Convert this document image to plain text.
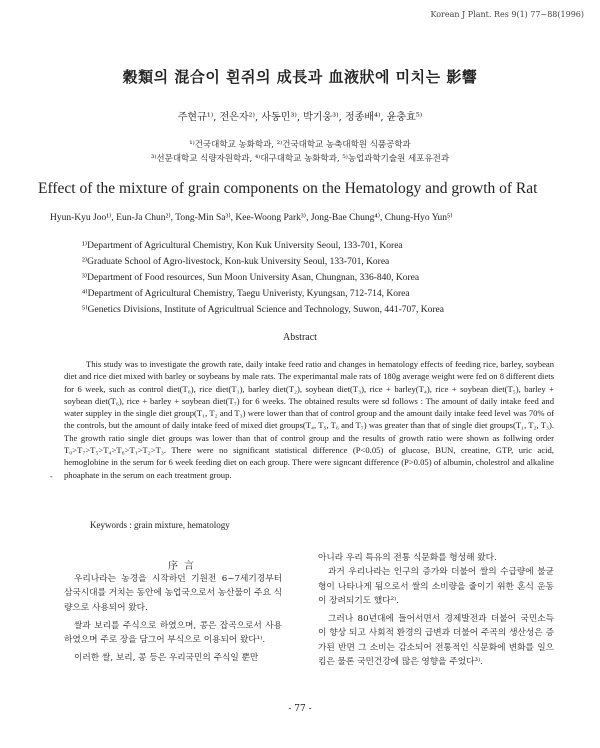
Korean J Plant. Res 9(1) 77~88(1996)
穀類의 混合이 흰쥐의 成長과 血液狀에 미치는 影響
주현규¹⁾, 전은자²⁾, 사동민³⁾, 박기웅³⁾, 정종배⁴⁾, 윤충효⁵⁾
¹⁾건국대학교 농화학과, ²⁾건국대학교 농축대학원 식품공학과
³⁾선문대학교 식량자원학과, ⁴⁾대구대학교 농화학과, ⁵⁾농업과학기술원 세포유전과
Effect of the mixture of grain components on the Hematology and growth of Rat
Hyun-Kyu Joo¹⁾, Eun-Ja Chun²⁾, Tong-Min Sa³⁾, Kee-Woong Park³⁾, Jong-Bae Chung⁴⁾, Chung-Hyo Yun⁵⁾
¹⁾Department of Agricultural Chemistry, Kon Kuk University Seoul, 133-701, Korea
²⁾Graduate School of Agro-livestock, Kon-kuk University Seoul, 133-701, Korea
³⁾Department of Food resources, Sun Moon University Asan, Chungnan, 336-840, Korea
⁴⁾Department of Agricultural Chemistry, Taegu Univeristy, Kyungsan, 712-714, Korea
⁵⁾Genetics Divisions, Institute of Agricultrual Science and Technology, Suwon, 441-707, Korea
Abstract
This study was to investigate the growth rate, daily intake feed ratio and changes in hematology effects of feeding rice, barley, soybean diet and rice diet mixed with barley or soybeans by male rats. The experimantal male rats of 180g average weight were fed on 8 different diets for 6 week, such as control diet(T₀), rice diet(T₁), barley diet(T₂), soybean diet(T₃), rice + barley(T₄), rice + soybean diet(T₅), barley + soybean diet(T₆), rice + barley + soybean diet(T₇) for 6 weeks. The obtained results were sd follows : The amount of daily intake feed and water suppley in the single diet group(T₁, T₂ and T₃) were lower than that of control group and the amount daily intake feed level was 70% of the controls, but the amount of daily intake feed of mixed diet groups(T₄, T₅, T₆ and T₇) was greater than that of single diet groups(T₁, T₂, T₃). The growth ratio single diet groups was lower than that of control group and the results of growth ratio were shown as follwing order T₀>T₇>T₅>T₄>T₆>T₁>T₂>T₃. There were no significant statistical difference (P<0.05) of glucose, BUN, creatine, GTP, uric acid, hemoglobine in the serum for 6 week feeding diet on each group. There were signcant difference (P>0.05) of albumin, cholestrol and alkaline phoaphate in the serum on each treatment group.
-
Keywords : grain mixture, hematology
序言

우리나라는 농경을 시작하던 기원전 6~7세기경부터 삼국시대를 거치는 동안에 농업국으로서 농산물이 주요 식량으로 사용되어 왔다.

쌀과 보리를 주식으로 하였으며, 콩은 잡곡으로서 사용하였으며 주로 장을 담그어 부식으로 이용되어 왔다¹⁾.

이러한 쌀, 보리, 콩 등은 우리국민의 주식일 뿐만

아니라 우리 특유의 전통 식문화를 형성해 왔다.

과거 우리나라는 인구의 증가와 더불어 쌀의 수급량에 불균형이 나타나게 됨으로서 쌀의 소비량을 줄이기 위한 혼식 운동이 장려되기도 했다²⁾.

그러나 80년대에 들어서면서 경제발전과 더불어 국민소득이 향상 되고 사회적 환경의 급변과 더불어 주곡의 생산성은 증가된 반면 그 소비는 감소되어 전통적인 식문화에 변화를 일으킴은 물론 국민건강에 많은 영향을 주었다³⁾.

- 77 -
